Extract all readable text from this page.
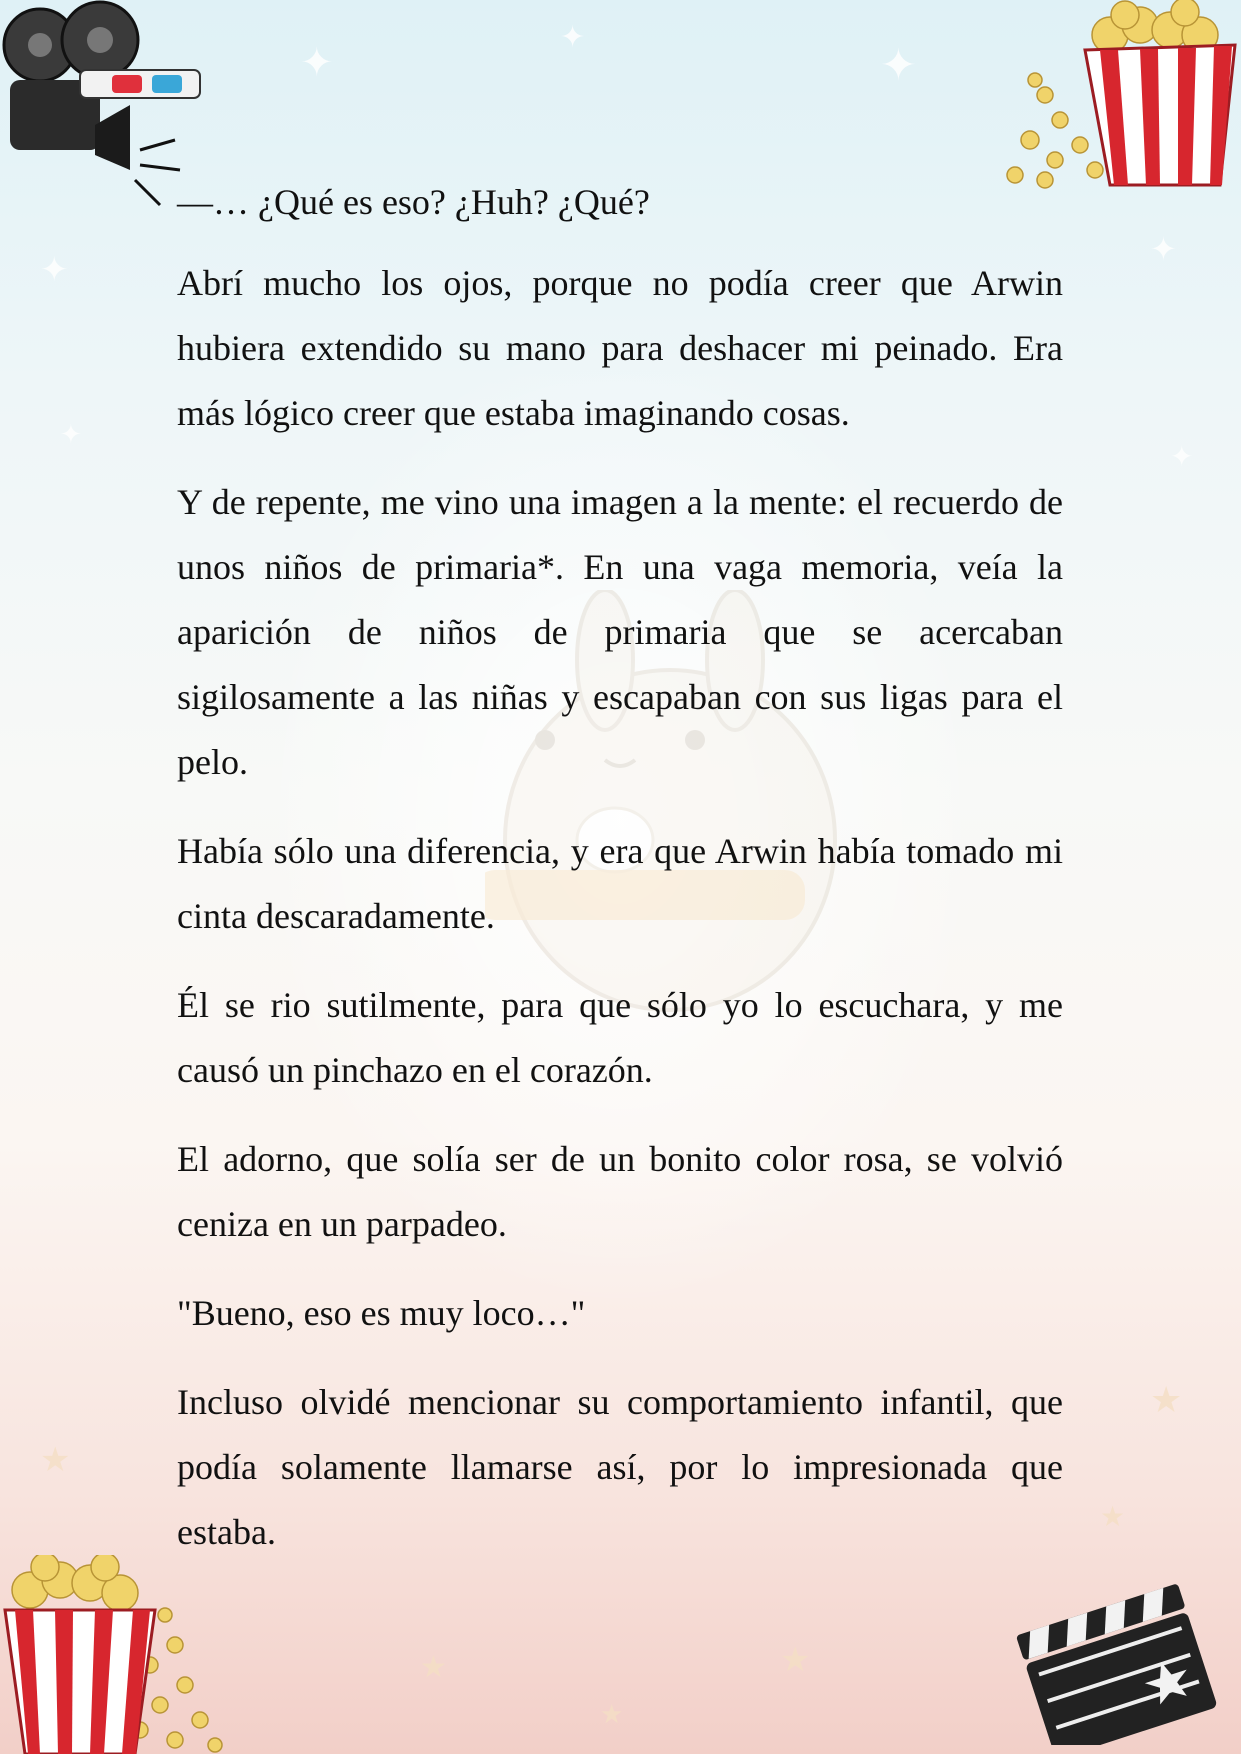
✦
✦
✦
✦
✦
✦
✦
★
★
★
★	★
★

—… ¿Qué es eso? ¿Huh? ¿Qué?

Abrí mucho los ojos, porque no podía creer que Arwin hubiera extendido su mano para deshacer mi peinado. Era más lógico creer que estaba imaginando cosas.

Y de repente, me vino una imagen a la mente: el recuerdo de unos niños de primaria*. En una vaga memoria, veía la aparición de niños de primaria que se acercaban sigilosamente a las niñas y escapaban con sus ligas para el pelo.

Había sólo una diferencia, y era que Arwin había tomado mi cinta descaradamente.

Él se rio sutilmente, para que sólo yo lo escuchara, y me causó un pinchazo en el corazón.

El adorno, que solía ser de un bonito color rosa, se volvió ceniza en un parpadeo.

"Bueno, eso es muy loco…"

Incluso olvidé mencionar su comportamiento infantil, que podía solamente llamarse así, por lo impresionada que estaba.
